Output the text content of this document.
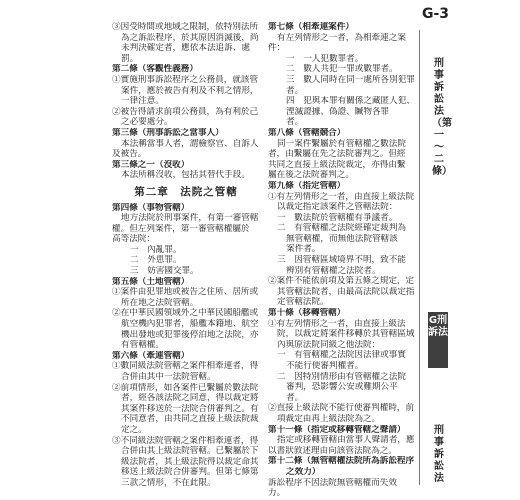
G-3
③因受時間或地域之限制，依特別法所
為之訴訟程序，於其原因消滅後，尚
未判決確定者，應依本法追訴、處
罰。
第二條（客觀性義務）
①實施刑事訴訟程序之公務員，就該管
案件，應於被告有利及不利之情形，
一律注意。
②被告得請求前項公務員，為有利於己
之必要處分。
第三條（刑事訴訟之當事人）
本法稱當事人者，謂檢察官、自訴人
及被告。
第三條之一（沒收）
本法所稱沒收，包括其替代手段。
第二章　法院之管轄
第四條（事物管轄）
地方法院於刑事案件，有第一審管轄
權。但左列案件，第一審管轄權屬於
高等法院：
一　內亂罪。
二　外患罪。
三　妨害國交罪。
第五條（土地管轄）
①案件由犯罪地或被告之住所、居所或
所在地之法院管轄。
②在中華民國領域外之中華民國船艦或
航空機內犯罪者，船艦本籍地、航空
機出發地或犯罪後停泊地之法院，亦
有管轄權。
第六條（牽連管轄）
①數同級法院管轄之案件相牽連者，得
合併由其中一法院管轄。
②前項情形，如各案件已繫屬於數法院
者，經各該法院之同意，得以裁定將
其案件移送於一法院合併審判之。有
不同意者，由共同之直接上級法院裁
定之。
③不同級法院管轄之案件相牽連者，得
合併由其上級法院管轄。已繫屬於下
級法院者，其上級法院得以裁定命其
移送上級法院合併審判。但第七條第
三款之情形，不在此限。
第七條（相牽連案件）
有左列情形之一者，為相牽連之案
件：
一　一人犯數罪者。
二　數人共犯一罪或數罪者。
三　數人同時在同一處所各別犯罪
者。
四　犯與本罪有關係之藏匿人犯、
湮滅證據、偽證、贓物各罪
者。
第八條（管轄競合）
同一案件繫屬於有管轄權之數法院
者，由繫屬在先之法院審判之。但經
共同之直接上級法院裁定，亦得由繫
屬在後之法院審判之。
第九條（指定管轄）
①有左列情形之一者，由直接上級法院
以裁定指定該案件之管轄法院：
一　數法院於管轄權有爭議者。
二　有管轄權之法院經確定裁判為
無管轄權，而無他法院管轄該
案件者。
三　因管轄區域境界不明，致不能
辨別有管轄權之法院者。
②案件不能依前項及第五條之規定，定
其管轄法院者，由最高法院以裁定指
定管轄法院。
第十條（移轉管轄）
①有左列情形之一者，由直接上級法
院，以裁定將案件移轉於其管轄區域
內與原法院同級之他法院：
一　有管轄權之法院因法律或事實
不能行使審判權者。
二　因特別情形由有管轄權之法院
審判，恐影響公安或難期公平
者。
②直接上級法院不能行使審判權時，前
項裁定由再上級法院為之。
第十一條（指定或移轉管轄之聲請）
指定或移轉管轄由當事人聲請者，應
以書狀敘述理由向該管法院為之。
第十二條（無管轄權法院所為訴訟程序
之效力）
訴訟程序不因法院無管轄權而失效
力。
刑事訴訟法（第一～二條）
G刑訴法
刑事訴訟法
